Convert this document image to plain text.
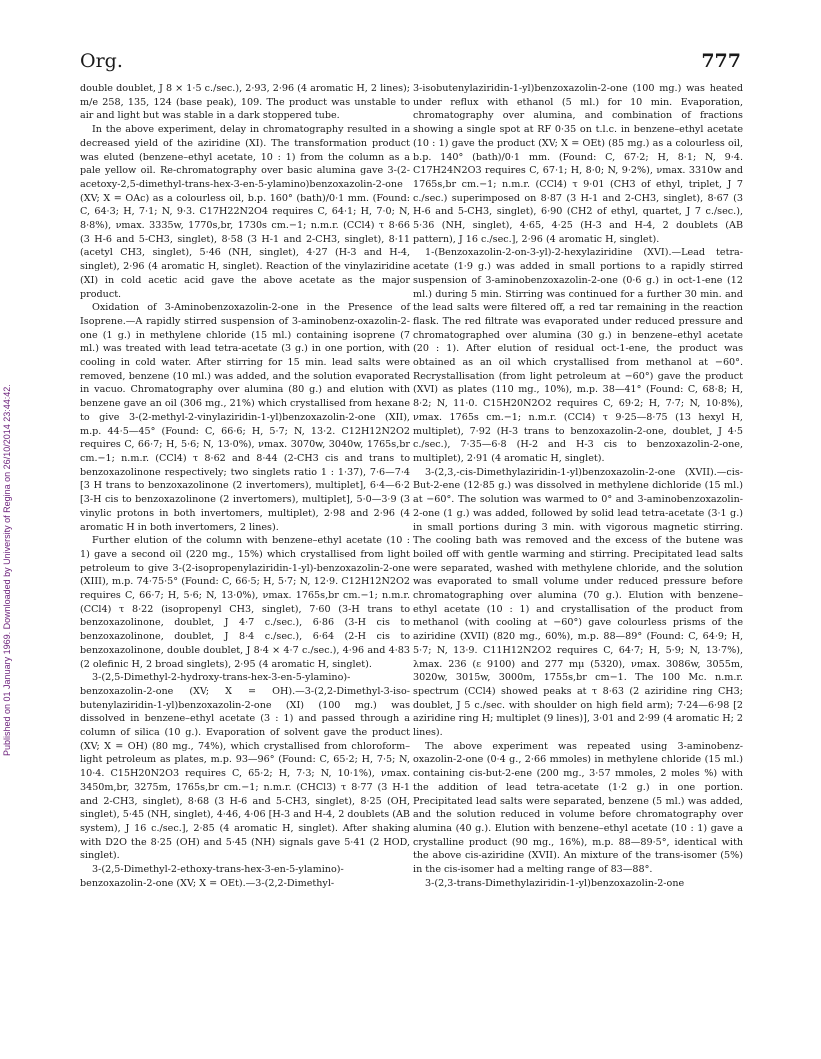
Org.	777
Published on 01 January 1969. Downloaded by University of Regina on 26/10/2014 23:44:42.

double doublet, J 8 × 1·5 c./sec.), 2·93, 2·96 (4 aromatic H, 2 lines); m/e 258, 135, 124 (base peak), 109. The product was unstable to air and light but was stable in a dark stoppered tube.

In the above experiment, delay in chromatography resulted in a decreased yield of the aziridine (XI). The transformation product was eluted (benzene–ethyl acetate, 10 : 1) from the column as a pale yellow oil. Re-chromatography over basic alumina gave 3-(2-acetoxy-2,5-dimethyl-trans-hex-3-en-5-ylamino)benzoxazolin-2-one (XV; X = OAc) as a colourless oil, b.p. 160° (bath)/0·1 mm. (Found: C, 64·3; H, 7·1; N, 9·3. C17H22N2O4 requires C, 64·1; H, 7·0; N, 8·8%), νmax. 3335w, 1770s,br, 1730s cm.−1; n.m.r. (CCl4) τ 8·66 (3 H-6 and 5-CH3, singlet), 8·58 (3 H-1 and 2-CH3, singlet), 8·11 (acetyl CH3, singlet), 5·46 (NH, singlet), 4·27 (H-3 and H-4, singlet), 2·96 (4 aromatic H, singlet). Reaction of the vinylaziridine (XI) in cold acetic acid gave the above acetate as the major product.

Oxidation of 3-Aminobenzoxazolin-2-one in the Presence of Isoprene.—A rapidly stirred suspension of 3-aminobenz-oxazolin-2-one (1 g.) in methylene chloride (15 ml.) containing isoprene (7 ml.) was treated with lead tetra-acetate (3 g.) in one portion, with cooling in cold water. After stirring for 15 min. lead salts were removed, benzene (10 ml.) was added, and the solution evaporated in vacuo. Chromatography over alumina (80 g.) and elution with benzene gave an oil (306 mg., 21%) which crystallised from hexane to give 3-(2-methyl-2-vinylaziridin-1-yl)benzoxazolin-2-one (XII), m.p. 44·5—45° (Found: C, 66·6; H, 5·7; N, 13·2. C12H12N2O2 requires C, 66·7; H, 5·6; N, 13·0%), νmax. 3070w, 3040w, 1765s,br cm.−1; n.m.r. (CCl4) τ 8·62 and 8·44 (2-CH3 cis and trans to benzoxazolinone respectively; two singlets ratio 1 : 1·37), 7·6—7·4 [3 H trans to benzoxazolinone (2 invertomers), multiplet], 6·4—6·2 [3-H cis to benzoxazolinone (2 invertomers), multiplet], 5·0—3·9 (3 vinylic protons in both invertomers, multiplet), 2·98 and 2·96 (4 aromatic H in both invertomers, 2 lines).

Further elution of the column with benzene–ethyl acetate (10 : 1) gave a second oil (220 mg., 15%) which crystallised from light petroleum to give 3-(2-isopropenylaziridin-1-yl)-benzoxazolin-2-one (XIII), m.p. 74·75·5° (Found: C, 66·5; H, 5·7; N, 12·9. C12H12N2O2 requires C, 66·7; H, 5·6; N, 13·0%), νmax. 1765s,br cm.−1; n.m.r. (CCl4) τ 8·22 (isopropenyl CH3, singlet), 7·60 (3-H trans to benzoxazolinone, doublet, J 4·7 c./sec.), 6·86 (3-H cis to benzoxazolinone, doublet, J 8·4 c./sec.), 6·64 (2-H cis to benzoxazolinone, double doublet, J 8·4 × 4·7 c./sec.), 4·96 and 4·83 (2 olefinic H, 2 broad singlets), 2·95 (4 aromatic H, singlet).

3-(2,5-Dimethyl-2-hydroxy-trans-hex-3-en-5-ylamino)-benzoxazolin-2-one (XV; X = OH).—3-(2,2-Dimethyl-3-iso-butenylaziridin-1-yl)benzoxazolin-2-one (XI) (100 mg.) was dissolved in benzene–ethyl acetate (3 : 1) and passed through a column of silica (10 g.). Evaporation of solvent gave the product (XV; X = OH) (80 mg., 74%), which crystallised from chloroform–light petroleum as plates, m.p. 93—96° (Found: C, 65·2; H, 7·5; N, 10·4. C15H20N2O3 requires C, 65·2; H, 7·3; N, 10·1%), νmax. 3450m,br, 3275m, 1765s,br cm.−1; n.m.r. (CHCl3) τ 8·77 (3 H-1 and 2-CH3, singlet), 8·68 (3 H-6 and 5-CH3, singlet), 8·25 (OH, singlet), 5·45 (NH, singlet), 4·46, 4·06 [H-3 and H-4, 2 doublets (AB system), J 16 c./sec.], 2·85 (4 aromatic H, singlet). After shaking with D2O the 8·25 (OH) and 5·45 (NH) signals gave 5·41 (2 HOD, singlet).

3-(2,5-Dimethyl-2-ethoxy-trans-hex-3-en-5-ylamino)-benzoxazolin-2-one (XV; X = OEt).—3-(2,2-Dimethyl-

3-isobutenylaziridin-1-yl)benzoxazolin-2-one (100 mg.) was heated under reflux with ethanol (5 ml.) for 10 min. Evaporation, chromatography over alumina, and combination of fractions showing a single spot at RF 0·35 on t.l.c. in benzene–ethyl acetate (10 : 1) gave the product (XV; X = OEt) (85 mg.) as a colourless oil, b.p. 140° (bath)/0·1 mm. (Found: C, 67·2; H, 8·1; N, 9·4. C17H24N2O3 requires C, 67·1; H, 8·0; N, 9·2%), νmax. 3310w and 1765s,br cm.−1; n.m.r. (CCl4) τ 9·01 (CH3 of ethyl, triplet, J 7 c./sec.) superimposed on 8·87 (3 H-1 and 2-CH3, singlet), 8·67 (3 H-6 and 5-CH3, singlet), 6·90 (CH2 of ethyl, quartet, J 7 c./sec.), 5·36 (NH, singlet), 4·65, 4·25 (H-3 and H-4, 2 doublets (AB pattern), J 16 c./sec.], 2·96 (4 aromatic H, singlet).

1-(Benzoxazolin-2-on-3-yl)-2-hexylaziridine (XVI).—Lead tetra-acetate (1·9 g.) was added in small portions to a rapidly stirred suspension of 3-aminobenzoxazolin-2-one (0·6 g.) in oct-1-ene (12 ml.) during 5 min. Stirring was continued for a further 30 min. and the lead salts were filtered off, a red tar remaining in the reaction flask. The red filtrate was evaporated under reduced pressure and chromatographed over alumina (30 g.) in benzene–ethyl acetate (20 : 1). After elution of residual oct-1-ene, the product was obtained as an oil which crystallised from methanol at −60°. Recrystallisation (from light petroleum at −60°) gave the product (XVI) as plates (110 mg., 10%), m.p. 38—41° (Found: C, 68·8; H, 8·2; N, 11·0. C15H20N2O2 requires C, 69·2; H, 7·7; N, 10·8%), νmax. 1765s cm.−1; n.m.r. (CCl4) τ 9·25—8·75 (13 hexyl H, multiplet), 7·92 (H-3 trans to benzoxazolin-2-one, doublet, J 4·5 c./sec.), 7·35—6·8 (H-2 and H-3 cis to benzoxazolin-2-one, multiplet), 2·91 (4 aromatic H, singlet).

3-(2,3,-cis-Dimethylaziridin-1-yl)benzoxazolin-2-one (XVII).—cis-But-2-ene (12·85 g.) was dissolved in methylene dichloride (15 ml.) at −60°. The solution was warmed to 0° and 3-aminobenzoxazolin-2-one (1 g.) was added, followed by solid lead tetra-acetate (3·1 g.) in small portions during 3 min. with vigorous magnetic stirring. The cooling bath was removed and the excess of the butene was boiled off with gentle warming and stirring. Precipitated lead salts were separated, washed with methylene chloride, and the solution was evaporated to small volume under reduced pressure before chromatographing over alumina (70 g.). Elution with benzene–ethyl acetate (10 : 1) and crystallisation of the product from methanol (with cooling at −60°) gave colourless prisms of the aziridine (XVII) (820 mg., 60%), m.p. 88—89° (Found: C, 64·9; H, 5·7; N, 13·9. C11H12N2O2 requires C, 64·7; H, 5·9; N, 13·7%), λmax. 236 (ε 9100) and 277 mμ (5320), νmax. 3086w, 3055m, 3020w, 3015w, 3000m, 1755s,br cm−1. The 100 Mc. n.m.r. spectrum (CCl4) showed peaks at τ 8·63 (2 aziridine ring CH3; doublet, J 5 c./sec. with shoulder on high field arm); 7·24—6·98 [2 aziridine ring H; multiplet (9 lines)], 3·01 and 2·99 (4 aromatic H; 2 lines).

The above experiment was repeated using 3-aminobenz-oxazolin-2-one (0·4 g., 2·66 mmoles) in methylene chloride (15 ml.) containing cis-but-2-ene (200 mg., 3·57 mmoles, 2 moles %) with the addition of lead tetra-acetate (1·2 g.) in one portion. Precipitated lead salts were separated, benzene (5 ml.) was added, and the solution reduced in volume before chromatography over alumina (40 g.). Elution with benzene–ethyl acetate (10 : 1) gave a crystalline product (90 mg., 16%), m.p. 88—89·5°, identical with the above cis-aziridine (XVII). An mixture of the trans-isomer (5%) in the cis-isomer had a melting range of 83—88°.

3-(2,3-trans-Dimethylaziridin-1-yl)benzoxazolin-2-one
